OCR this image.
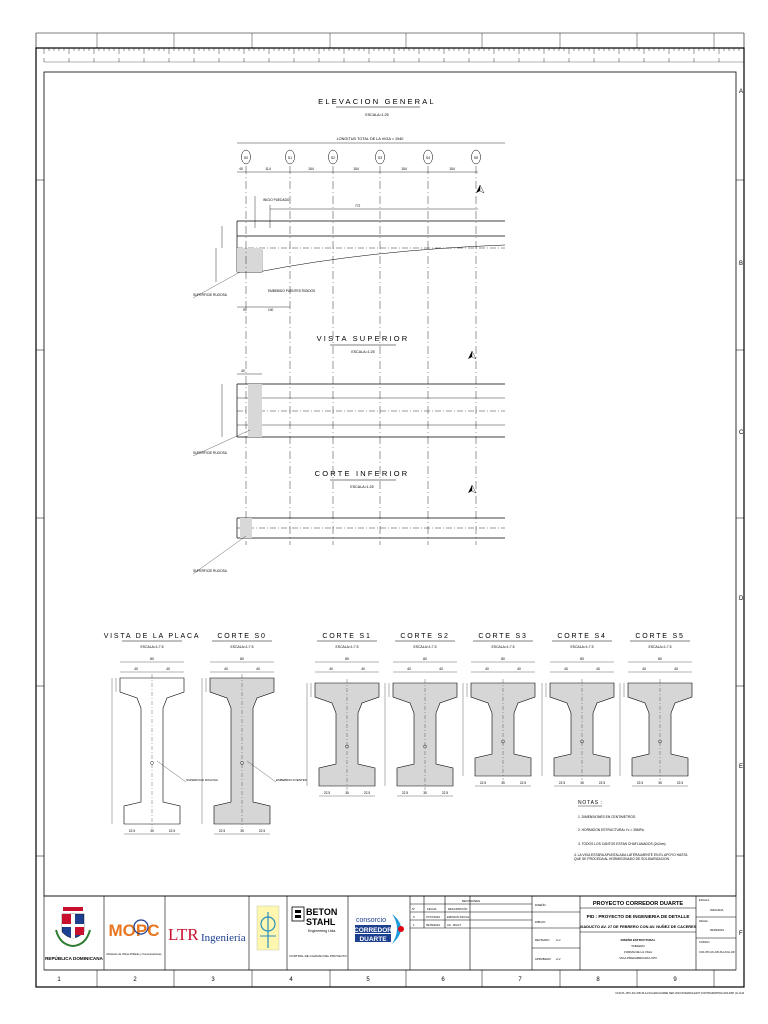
A
B
C
D
E
F
ELEVACION GENERAL
ESCALA=1:25
LONGITUD TOTAL DE LA VIGA = 1940
S0	S1	S2	S3	S4	S5
40	114	154	154	154	154
INICIO PUEDADO
772
SUPERFICIE RUGOSA
EMBEBIDO PUENTES RIGIDOS
90	100
VISTA SUPERIOR
ESCALA=1:25
40
SUPERFICIE RUGOSA
CORTE INFERIOR
ESCALA=1:25
SUPERFICIE RUGOSA
VISTA DE LA PLACA
ESCALA=1:7.5
80
40	40
22.5	35	22.5
SUPERFICIE RUGOSA
CORTE S0
ESCALA=1:7.5
80
40	40
22.5	35	22.5
EMBEBIDO PUENTES
CORTE S1
ESCALA=1:7.5
80
40	40
22.5	35	22.5
CORTE S2
ESCALA=1:7.5
80
40	40
22.5	35	22.5
CORTE S3
ESCALA=1:7.5
80
40	40
22.5	35	22.5
CORTE S4
ESCALA=1:7.5
80
40	40
22.5	35	22.5
CORTE S5
ESCALA=1:7.5
80
40	40
22.5	35	22.5
NOTAS :
1. DIMENSIONES EN CENTIMETROS.
2. HORMIGON ESTRUCTURAL f'c = 35MPa.
3. TODOS LOS CANTOS ESTAN CHAFLANADOS (2x2cm).
4. LA VIGA ESTARA APUNTALADA LATERALMENTE EN EL APOYO HASTA QUE SE PROCEDA AL HORMIGONADO DE SOLIDARIZACION.
REPÚBLICA DOMINICANA
MOPC
Ministerio de Obras Públicas y Comunicaciones
LTR Ingeniería
BETON
STAHL
Engineering Ltda.
CONTROL DE CALIDAD DEL PROYECTO
consorcio
CORREDOR
DUARTE
REVISIONES
N°	FECHA	DESCRIPCIÓN
0	07/07/2010	EMISION INICIAL
1	09/09/2010	AS - BUILT
DISEÑO
DIBUJO
REVISADO A.V.
APROBADO A.V.
PROYECTO CORREDOR DUARTE
PID : PROYECTO DE INGENIERIA DE DETALLE
VIADUCTO AV. 27 DE FEBRERO CON AV. NUÑEZ DE CACERES
DISEÑO ESTRUCTURAL
TABLERO
FORMA DE LA VIGA
VIGA PREFABRICADA VP3
ESCALA
INDICADA
FECHA
09/09/2010
CÓDIGO
CCD-VPC-DC-205-PLA-FOA-100
1	2	3	4	5	6	7	8	9
CCD-PL-VPC-DC-205-PLA-FOA-ENCUADRE SEP-2010 ROMANIA EDIT CONTRAPARTIDA-003-DSP (1)-CH3
